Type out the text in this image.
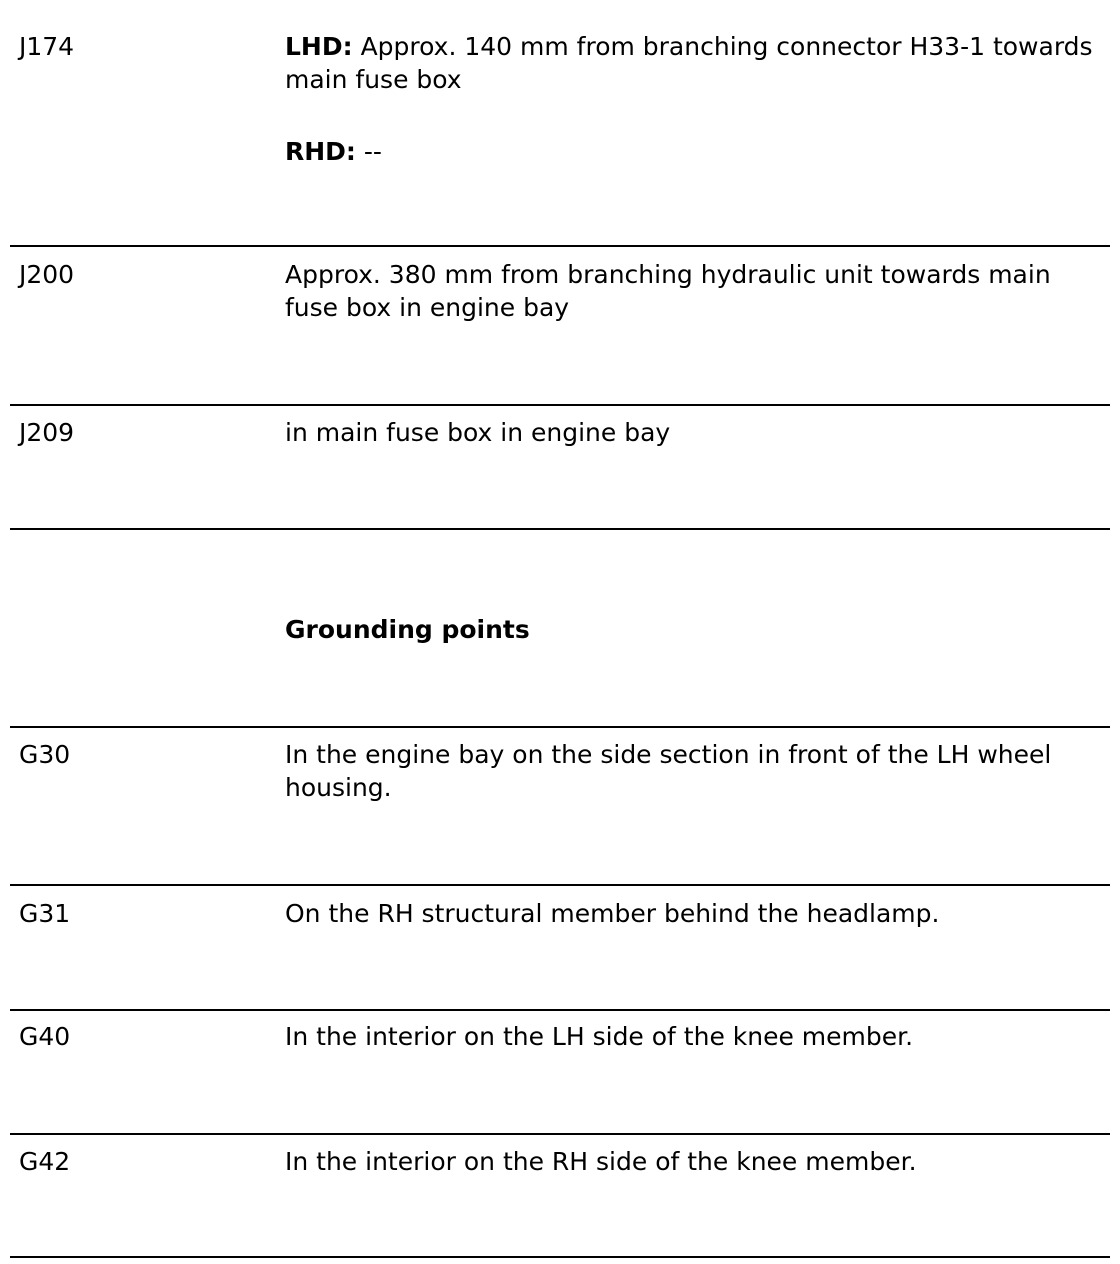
J174	LHD: Approx. 140 mm from branching connector H33-1 towards main fuse box

RHD: --

J200	Approx. 380 mm from branching hydraulic unit towards main fuse box in engine bay
J209	in main fuse box in engine bay
Grounding points
G30	In the engine bay on the side section in front of the LH wheel housing.
G31	On the RH structural member behind the headlamp.
G40	In the interior on the LH side of the knee member.
G42	In the interior on the RH side of the knee member.
